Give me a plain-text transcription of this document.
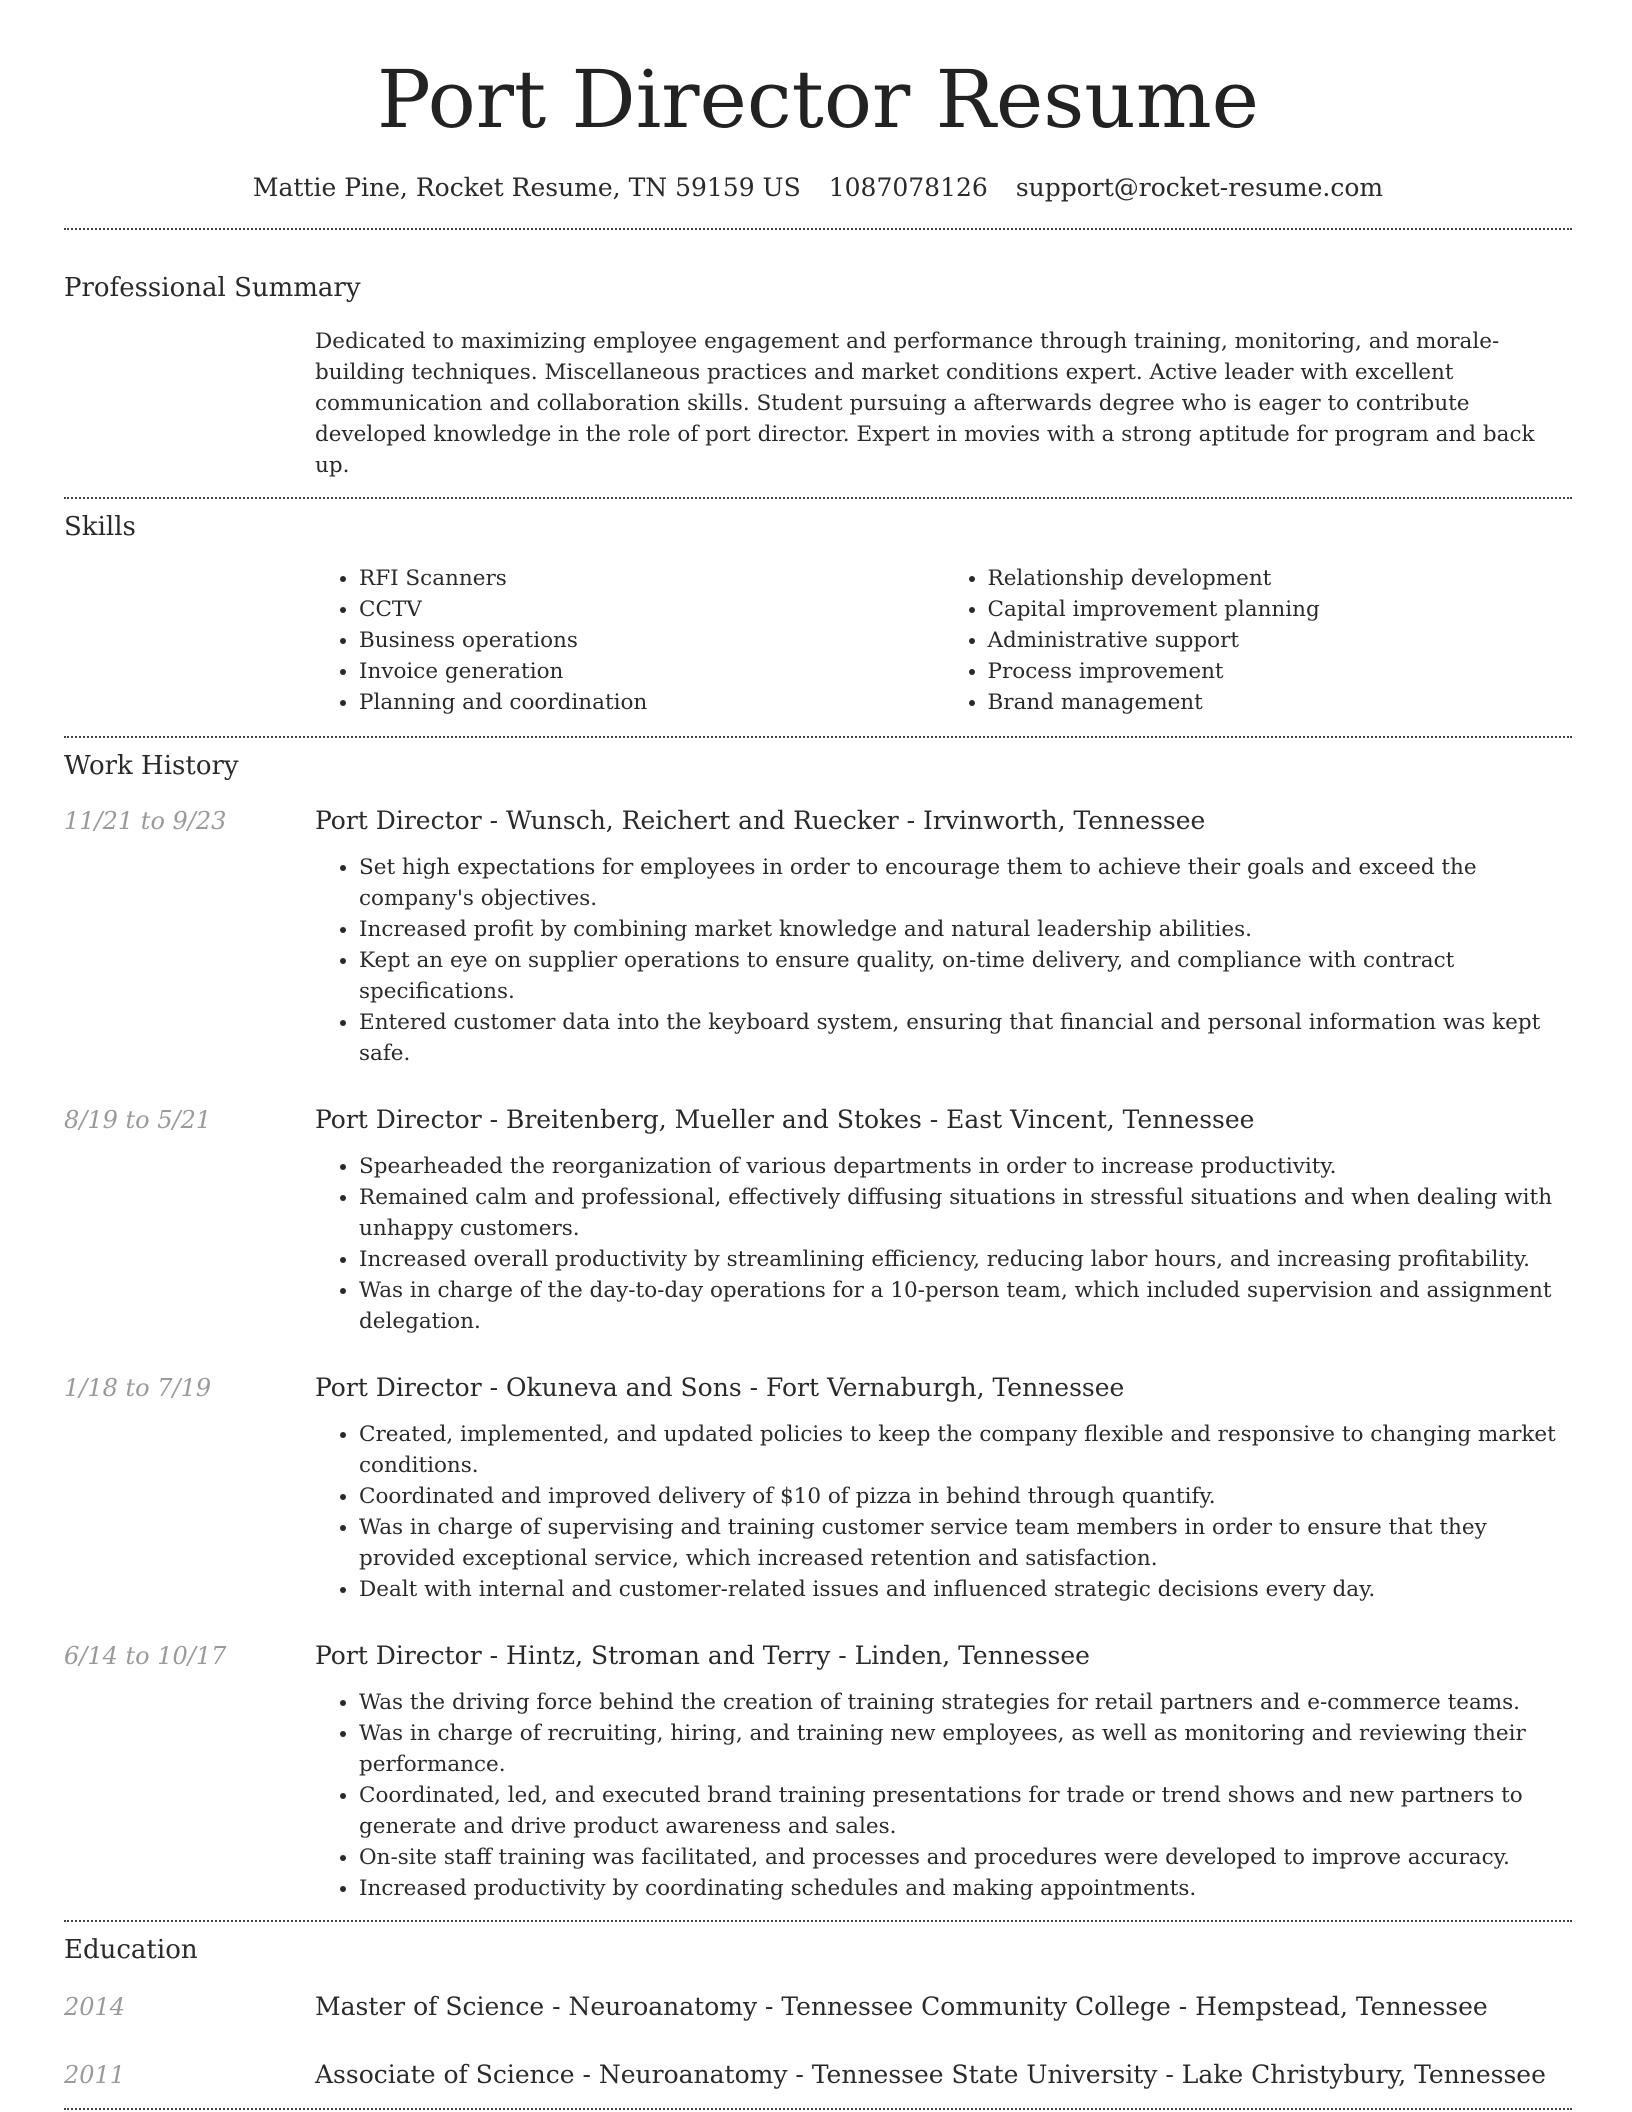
Port Director Resume
Mattie Pine, Rocket Resume, TN 59159 US 1087078126 support@rocket-resume.com
Professional Summary

Dedicated to maximizing employee engagement and performance through training, monitoring, and morale-building techniques. Miscellaneous practices and market conditions expert. Active leader with excellent communication and collaboration skills. Student pursuing a afterwards degree who is eager to contribute developed knowledge in the role of port director. Expert in movies with a strong aptitude for program and back up.

Skills
• RFI Scanners
• CCTV
• Business operations
• Invoice generation
• Planning and coordination
• Relationship development
• Capital improvement planning
• Administrative support
• Process improvement
• Brand management
Work History
11/21 to 9/23	Port Director - Wunsch, Reichert and Ruecker - Irvinworth, Tennessee
• Set high expectations for employees in order to encourage them to achieve their goals and exceed the company's objectives.
• Increased profit by combining market knowledge and natural leadership abilities.
• Kept an eye on supplier operations to ensure quality, on-time delivery, and compliance with contract specifications.
• Entered customer data into the keyboard system, ensuring that financial and personal information was kept safe.
8/19 to 5/21	Port Director - Breitenberg, Mueller and Stokes - East Vincent, Tennessee
• Spearheaded the reorganization of various departments in order to increase productivity.
• Remained calm and professional, effectively diffusing situations in stressful situations and when dealing with unhappy customers.
• Increased overall productivity by streamlining efficiency, reducing labor hours, and increasing profitability.
• Was in charge of the day-to-day operations for a 10-person team, which included supervision and assignment delegation.
1/18 to 7/19	Port Director - Okuneva and Sons - Fort Vernaburgh, Tennessee
• Created, implemented, and updated policies to keep the company flexible and responsive to changing market conditions.
• Coordinated and improved delivery of $10 of pizza in behind through quantify.
• Was in charge of supervising and training customer service team members in order to ensure that they provided exceptional service, which increased retention and satisfaction.
• Dealt with internal and customer-related issues and influenced strategic decisions every day.
6/14 to 10/17	Port Director - Hintz, Stroman and Terry - Linden, Tennessee
• Was the driving force behind the creation of training strategies for retail partners and e-commerce teams.
• Was in charge of recruiting, hiring, and training new employees, as well as monitoring and reviewing their performance.
• Coordinated, led, and executed brand training presentations for trade or trend shows and new partners to generate and drive product awareness and sales.
• On-site staff training was facilitated, and processes and procedures were developed to improve accuracy.
• Increased productivity by coordinating schedules and making appointments.
Education
2014	Master of Science - Neuroanatomy - Tennessee Community College - Hempstead, Tennessee
2011	Associate of Science - Neuroanatomy - Tennessee State University - Lake Christybury, Tennessee
